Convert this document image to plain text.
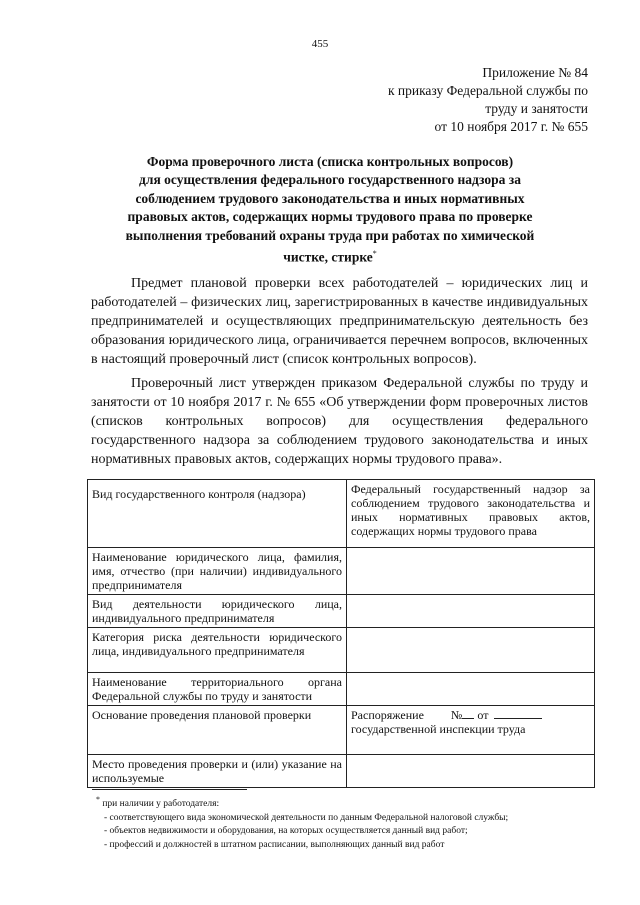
455
Приложение № 84
к приказу Федеральной службы по
труду и занятости
от 10 ноября 2017 г. № 655
Форма проверочного листа (списка контрольных вопросов)
для осуществления федерального государственного надзора за
соблюдением трудового законодательства и иных нормативных
правовых актов, содержащих нормы трудового права по проверке
выполнения требований охраны труда при работах по химической
чистке, стирке*
Предмет плановой проверки всех работодателей – юридических лиц и работодателей – физических лиц, зарегистрированных в качестве индивидуальных предпринимателей и осуществляющих предпринимательскую деятельность без образования юридического лица, ограничивается перечнем вопросов, включенных в настоящий проверочный лист (список контрольных вопросов).
Проверочный лист утвержден приказом Федеральной службы по труду и занятости от 10 ноября 2017 г. № 655 «Об утверждении форм проверочных листов (списков контрольных вопросов) для осуществления федерального государственного надзора за соблюдением трудового законодательства и иных нормативных правовых актов, содержащих нормы трудового права».
Вид государственного контроля (надзора)	Федеральный государственный надзор за соблюдением трудового законодательства и иных нормативных правовых актов, содержащих нормы трудового права
Наименование юридического лица, фамилия, имя, отчество (при наличии) индивидуального предпринимателя	
Вид деятельности юридического лица, индивидуального предпринимателя	
Категория риска деятельности юридического лица, индивидуального предпринимателя	
Наименование территориального органа Федеральной службы по труду и занятости	
Основание проведения плановой проверки	Распоряжение № от
государственной инспекции труда
Место проведения проверки и (или) указание на используемые	
* при наличии у работодателя:
- соответствующего вида экономической деятельности по данным Федеральной налоговой службы;
- объектов недвижимости и оборудования, на которых осуществляется данный вид работ;
- профессий и должностей в штатном расписании, выполняющих данный вид работ
